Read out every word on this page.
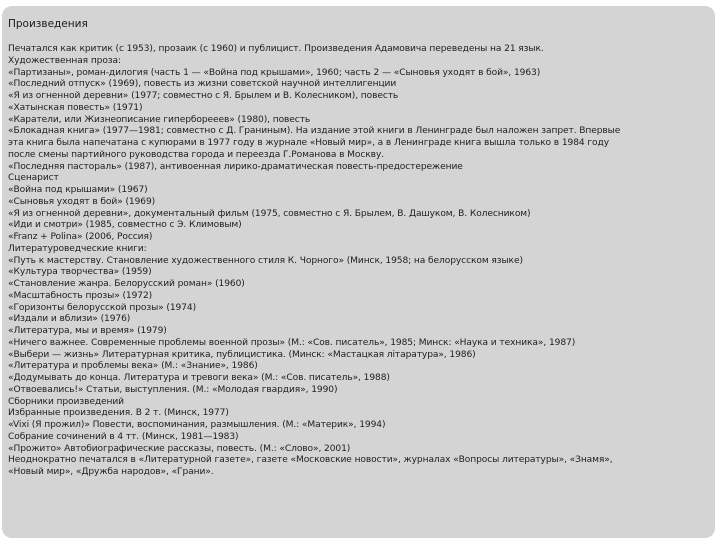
Произведения
Печатался как критик (с 1953), прозаик (с 1960) и публицист. Произведения Адамовича переведены на 21 язык.
Художественная проза:
«Партизаны», роман-дилогия (часть 1 — «Война под крышами», 1960; часть 2 — «Сыновья уходят в бой», 1963)
«Последний отпуск» (1969), повесть из жизни советской научной интеллигенции
«Я из огненной деревни» (1977; совместно с Я. Брылем и В. Колесником), повесть
«Хатынская повесть» (1971)
«Каратели, или Жизнеописание гиперборееев» (1980), повесть
«Блокадная книга» (1977—1981; совместно с Д. Граниным). На издание этой книги в Ленинграде был наложен запрет. Впервые
эта книга была напечатана с купюрами в 1977 году в журнале «Новый мир», а в Ленинграде книга вышла только в 1984 году
после смены партийного руководства города и переезда Г.Романова в Москву.
«Последняя пастораль» (1987), антивоенная лирико-драматическая повесть-предостережение
Сценарист
«Война под крышами» (1967)
«Сыновья уходят в бой» (1969)
«Я из огненной деревни», документальный фильм (1975, совместно с Я. Брылем, В. Дашуком, В. Колесником)
«Иди и смотри» (1985, совместно с Э. Климовым)
«Franz + Polina» (2006, Россия)
Литературоведческие книги:
«Путь к мастерству. Становление художественного стиля К. Чорного» (Минск, 1958; на белорусском языке)
«Культура творчества» (1959)
«Становление жанра. Белорусский роман» (1960)
«Масштабность прозы» (1972)
«Горизонты белорусской прозы» (1974)
«Издали и вблизи» (1976)
«Литература, мы и время» (1979)
«Ничего важнее. Современные проблемы военной прозы» (М.: «Сов. писатель», 1985; Минск: «Наука и техника», 1987)
«Выбери — жизнь» Литературная критика, публицистика. (Минск: «Мастацкая літаратура», 1986)
«Литература и проблемы века» (М.: «Знание», 1986)
«Додумывать до конца. Литература и тревоги века» (М.: «Сов. писатель», 1988)
«Отвоевались!» Статьи, выступления. (М.: «Молодая гвардия», 1990)
Сборники произведений
Избранные произведения. В 2 т. (Минск, 1977)
«Vixi (Я прожил)» Повести, воспоминания, размышления. (М.: «Материк», 1994)
Собрание сочинений в 4 тт. (Минск, 1981—1983)
«Прожито» Автобиографические рассказы, повесть. (М.: «Слово», 2001)
Неоднократно печатался в «Литературной газете», газете «Московские новости», журналах «Вопросы литературы», «Знамя»,
«Новый мир», «Дружба народов», «Грани».
